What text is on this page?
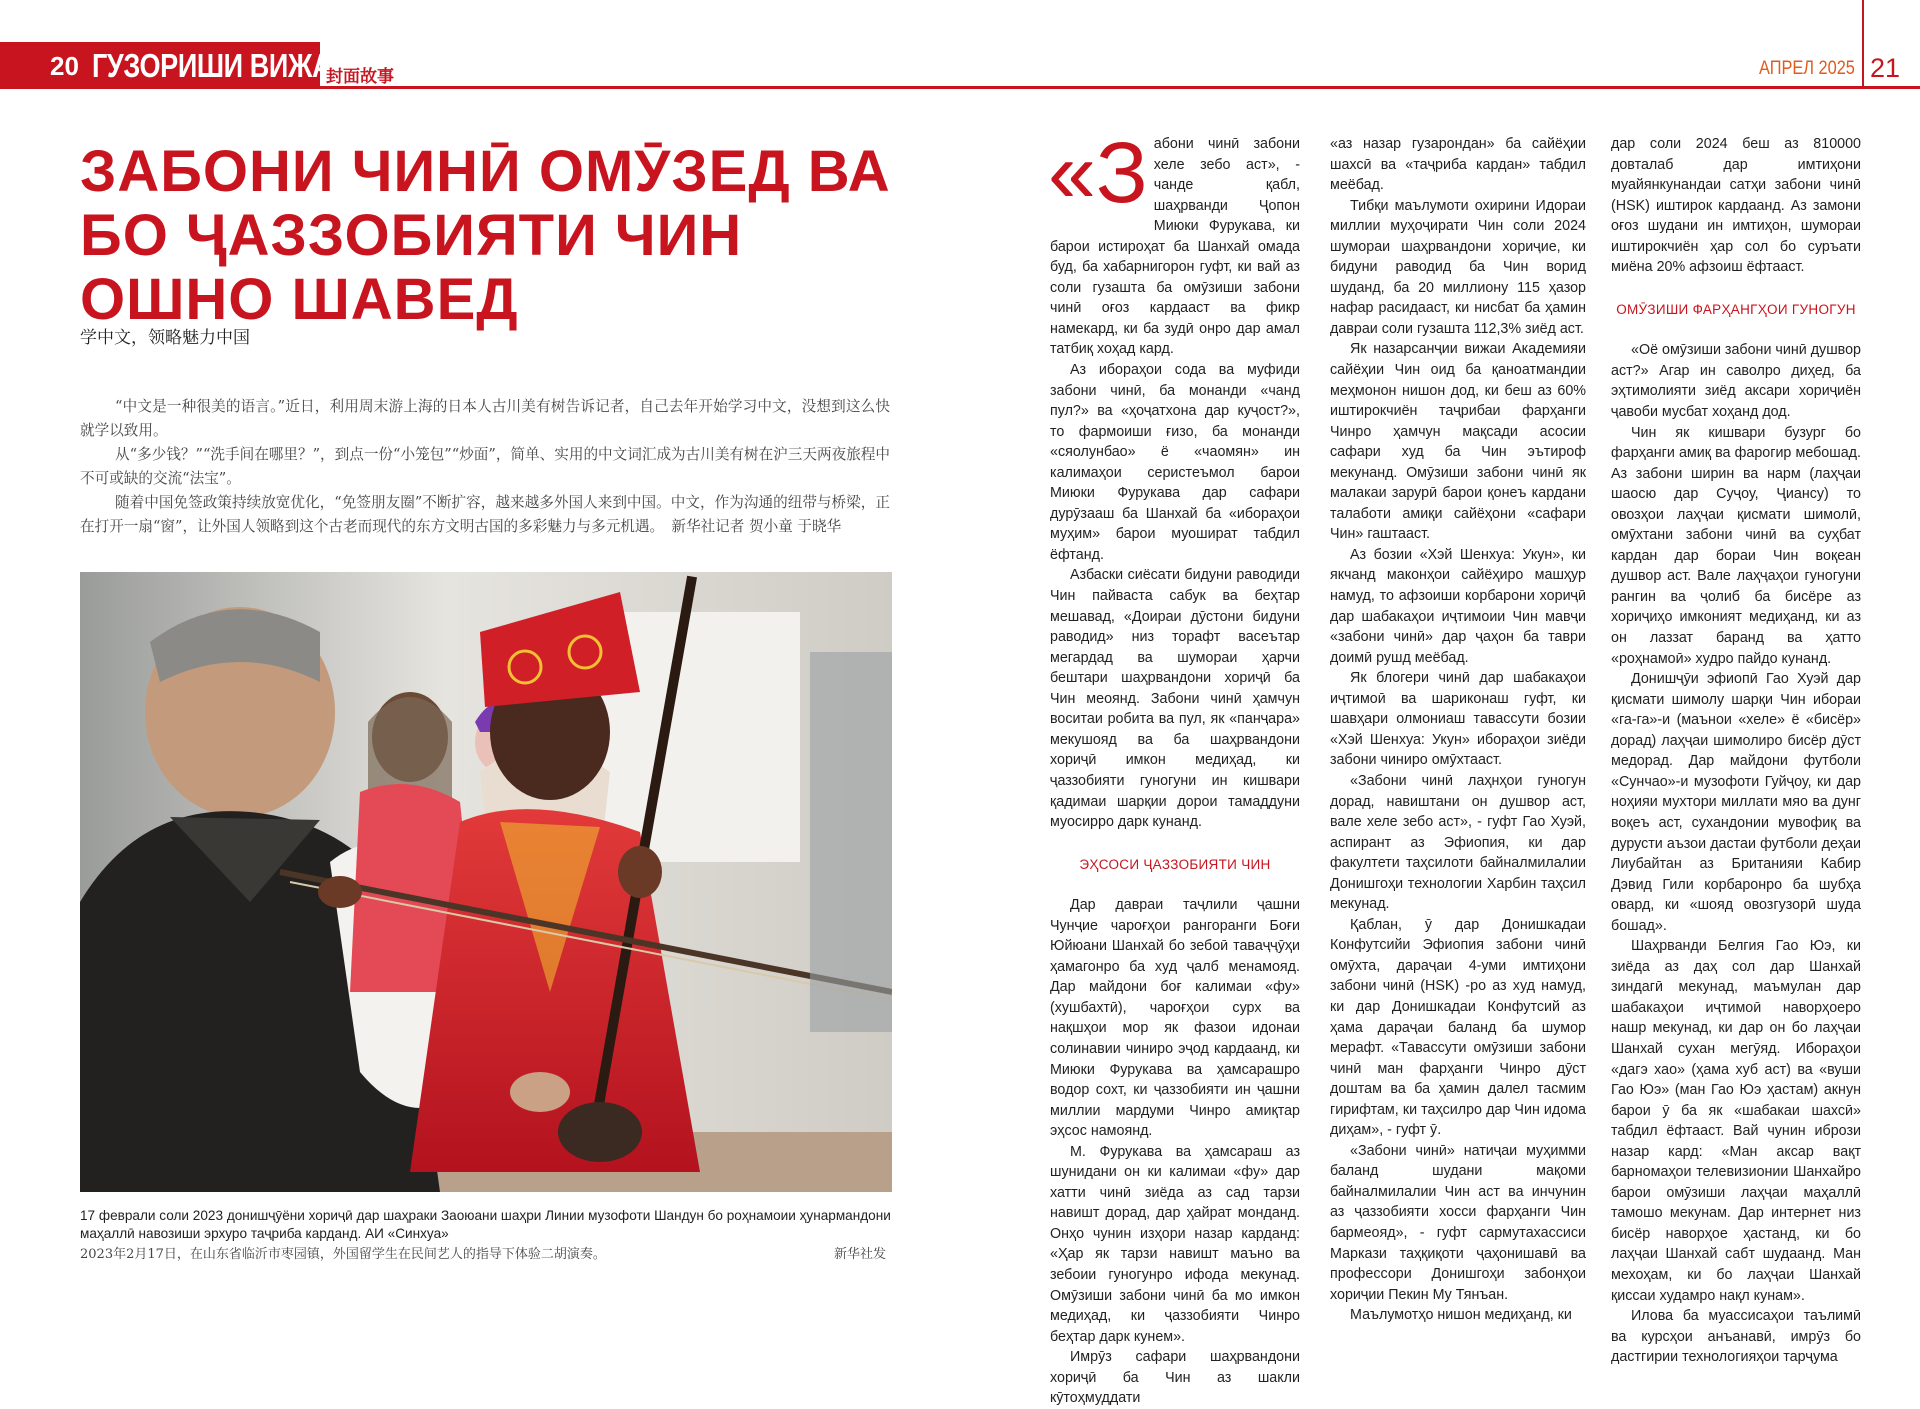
20 ГУЗОРИШИ ВИЖА
封面故事	АПРЕЛ 2025 21
ЗАБОНИ ЧИНӢ ОМӮЗЕД ВА БО ҶАЗЗОБИЯТИ ЧИН ОШНО ШАВЕД
学中文，领略魅力中国

“中文是一种很美的语言。”近日，利用周末游上海的日本人古川美有树告诉记者，自己去年开始学习中文，没想到这么快就学以致用。

从“多少钱？”“洗手间在哪里？”，到点一份“小笼包”“炒面”，简单、实用的中文词汇成为古川美有树在沪三天两夜旅程中不可或缺的交流“法宝”。

随着中国免签政策持续放宽优化，“免签朋友圈”不断扩容，越来越多外国人来到中国。中文，作为沟通的纽带与桥梁，正在打开一扇“窗”，让外国人领略到这个古老而现代的东方文明古国的多彩魅力与多元机遇。　新华社记者 贺小童 于晓华

17 феврали соли 2023 донишҷӯёни хориҷӣ дар шаҳраки Заоюани шаҳри Линии музофоти Шандун бо роҳнамоии ҳунармандони маҳаллӣ навозиши эрхуро таҷриба карданд. АИ «Синхуа»
2023年2月17日，在山东省临沂市枣园镇，外国留学生在民间艺人的指导下体验二胡演奏。	新华社发
«З абони чинӣ забони хеле зебо аст», - чанде қабл, шаҳрванди Ҷопон Миюки Фурукава, ки барои истироҳат ба Шанхай омада буд, ба хабарнигорон гуфт, ки вай аз соли гузашта ба омӯзиши забони чинӣ оғоз кардааст ва фикр намекард, ки ба зудӣ онро дар амал татбиқ хоҳад кард.

Аз ибораҳои сода ва муфиди забони чинӣ, ба монанди «чанд пул?» ва «ҳоҷатхона дар куҷост?», то фармоиши ғизо, ба монанди «сяолунбао» ё «чаомян» ин калимаҳои серистеъмол барои Миюки Фурукава дар сафари дурӯзааш ба Шанхай ба «ибораҳои муҳим» барои муошират табдил ёфтанд.

Азбаски сиёсати бидуни раводиди Чин пайваста сабук ва беҳтар мешавад, «Доираи дӯстони бидуни раводид» низ торафт васеътар мегардад ва шумораи ҳарчи бештари шаҳрвандони хориҷӣ ба Чин меоянд. Забони чинӣ ҳамчун воситаи робита ва пул, як «панҷара» мекушояд ва ба шаҳрвандони хориҷӣ имкон медиҳад, ки ҷаззобияти гуногуни ин кишвари қадимаи шарқии дорои тамаддуни муосирро дарк кунанд.

ЭҲСОСИ ҶАЗЗОБИЯТИ ЧИН

Дар давраи таҷлили ҷашни Чунҷие чароғҳои рангоранги Боғи Юйюани Шанхай бо зебоӣ таваҷҷӯҳи ҳамагонро ба худ ҷалб менамояд. Дар майдони боғ калимаи «фу» (хушбахтӣ), чароғҳои сурх ва нақшҳои мор як фазои идонаи солинавии чиниро эҷод кардаанд, ки Миюки Фурукава ва ҳамсарашро водор сохт, ки ҷаззобияти ин ҷашни миллии мардуми Чинро амиқтар эҳсос намоянд.

М. Фурукава ва ҳамсараш аз шунидани он ки калимаи «фу» дар хатти чинӣ зиёда аз сад тарзи навишт дорад, дар ҳайрат монданд. Онҳо чунин изҳори назар карданд: «Ҳар як тарзи навишт маъно ва зебоии гуногунро ифода мекунад. Омӯзиши забони чинӣ ба мо имкон медиҳад, ки ҷаззобияти Чинро беҳтар дарк кунем».

Имрӯз сафари шаҳрвандони хориҷӣ ба Чин аз шакли кӯтоҳмуддати

«аз назар гузарондан» ба сайёҳии шахсӣ ва «таҷриба кардан» табдил меёбад.

Тибқи маълумоти охирини Идораи миллии муҳоҷирати Чин соли 2024 шумораи шаҳрвандони хориҷие, ки бидуни раводид ба Чин ворид шуданд, ба 20 миллиону 115 ҳазор нафар расидааст, ки нисбат ба ҳамин давраи соли гузашта 112,3% зиёд аст.

Як назарсанҷии вижаи Академияи сайёҳии Чин оид ба қаноатмандии меҳмонон нишон дод, ки беш аз 60% иштирокчиён таҷрибаи фарҳанги Чинро ҳамчун мақсади асосии сафари худ ба Чин эътироф мекунанд. Омӯзиши забони чинӣ як малакаи зарурӣ барои қонеъ кардани талаботи амиқи сайёҳони «сафари Чин» гаштааст.

Аз бозии «Хэй Шенхуа: Укун», ки якчанд маконҳои сайёҳиро машҳур намуд, то афзоиши корбарони хориҷӣ дар шабакаҳои иҷтимоии Чин мавҷи «забони чинӣ» дар ҷаҳон ба таври доимӣ рушд меёбад.

Як блогери чинӣ дар шабакаҳои иҷтимоӣ ва шариконаш гуфт, ки шавҳари олмониаш тавассути бозии «Хэй Шенхуа: Укун» ибораҳои зиёди забони чиниро омӯхтааст.

«Забони чинӣ лаҳнҳои гуногун дорад, навиштани он душвор аст, вале хеле зебо аст», - гуфт Гао Хуэй, аспирант аз Эфиопия, ки дар факултети таҳсилоти байналмилалии Донишгоҳи технологии Харбин таҳсил мекунад.

Қаблан, ӯ дар Донишкадаи Конфутсийи Эфиопия забони чинӣ омӯхта, дараҷаи 4-уми имтиҳони забони чинӣ (HSK) -ро аз худ намуд, ки дар Донишкадаи Конфутсий аз ҳама дараҷаи баланд ба шумор мерафт. «Тавассути омӯзиши забони чинӣ ман фарҳанги Чинро дӯст доштам ва ба ҳамин далел тасмим гирифтам, ки таҳсилро дар Чин идома диҳам», - гуфт ӯ.

«Забони чинӣ» натиҷаи муҳимми баланд шудани мақоми байналмилалии Чин аст ва инчунин аз ҷаззобияти хосси фарҳанги Чин бармеояд», - гуфт сармутахассиси Маркази таҳқиқоти ҷаҳонишавӣ ва профессори Донишгоҳи забонҳои хориҷии Пекин Му Тянъан.

Маълумотҳо нишон медиҳанд, ки

дар соли 2024 беш аз 810000 довталаб дар имтиҳони муайянкунандаи сатҳи забони чинӣ (HSK) иштирок кардаанд. Аз замони оғоз шудани ин имтиҳон, шумораи иштирокчиён ҳар сол бо суръати миёна 20% афзоиш ёфтааст.

ОМӮЗИШИ ФАРҲАНГҲОИ ГУНОГУН

«Оё омӯзиши забони чинӣ душвор аст?» Агар ин саволро диҳед, ба эҳтимолияти зиёд аксари хориҷиён ҷавоби мусбат хоҳанд дод.

Чин як кишвари бузург бо фарҳанги амиқ ва фарогир мебошад. Аз забони ширин ва нарм (лаҳҷаи шаосю дар Суҷоу, Ҷиансу) то овозҳои лаҳҷаи қисмати шимолӣ, омӯхтани забони чинӣ ва суҳбат кардан дар бораи Чин воқеан душвор аст. Вале лаҳҷаҳои гуногуни рангин ва ҷолиб ба бисёре аз хориҷиҳо имконият медиҳанд, ки аз он лаззат баранд ва ҳатто «роҳнамоӣ» худро пайдо кунанд.

Донишҷӯи эфиопӣ Гао Хуэй дар қисмати шимолу шарқи Чин ибораи «га-га»-и (маънои «хеле» ё «бисёр» дорад) лаҳҷаи шимолиро бисёр дӯст медорад. Дар майдони футболи «Сунчао»-и музофоти Гуйҷоу, ки дар ноҳияи мухтори миллати мяо ва дунг воқеъ аст, сухандонии мувофиқ ва дурусти аъзои дастаи футболи деҳаи Лиубайтан аз Британияи Кабир Дэвид Гили корбаронро ба шубҳа овард, ки «шояд овозгузорӣ шуда бошад».

Шаҳрванди Белгия Гао Юэ, ки зиёда аз даҳ сол дар Шанхай зиндагӣ мекунад, маъмулан дар шабакаҳои иҷтимоӣ наворҳоеро нашр мекунад, ки дар он бо лаҳҷаи Шанхай сухан мегӯяд. Ибораҳои «дагэ хао» (ҳама хуб аст) ва «вуши Гао Юэ» (ман Гао Юэ ҳастам) акнун барои ӯ ба як «шабакаи шахсӣ» табдил ёфтааст. Вай чунин ибрози назар кард: «Ман аксар вақт барномаҳои телевизионии Шанхайро барои омӯзиши лаҳҷаи маҳаллӣ тамошо мекунам. Дар интернет низ бисёр наворҳое ҳастанд, ки бо лаҳҷаи Шанхай сабт шудаанд. Ман мехоҳам, ки бо лаҳҷаи Шанхай қиссаи худамро нақл кунам».

Илова ба муассисаҳои таълимӣ ва курсҳои анъанавӣ, имрӯз бо дастгирии технологияҳои тарҷума
